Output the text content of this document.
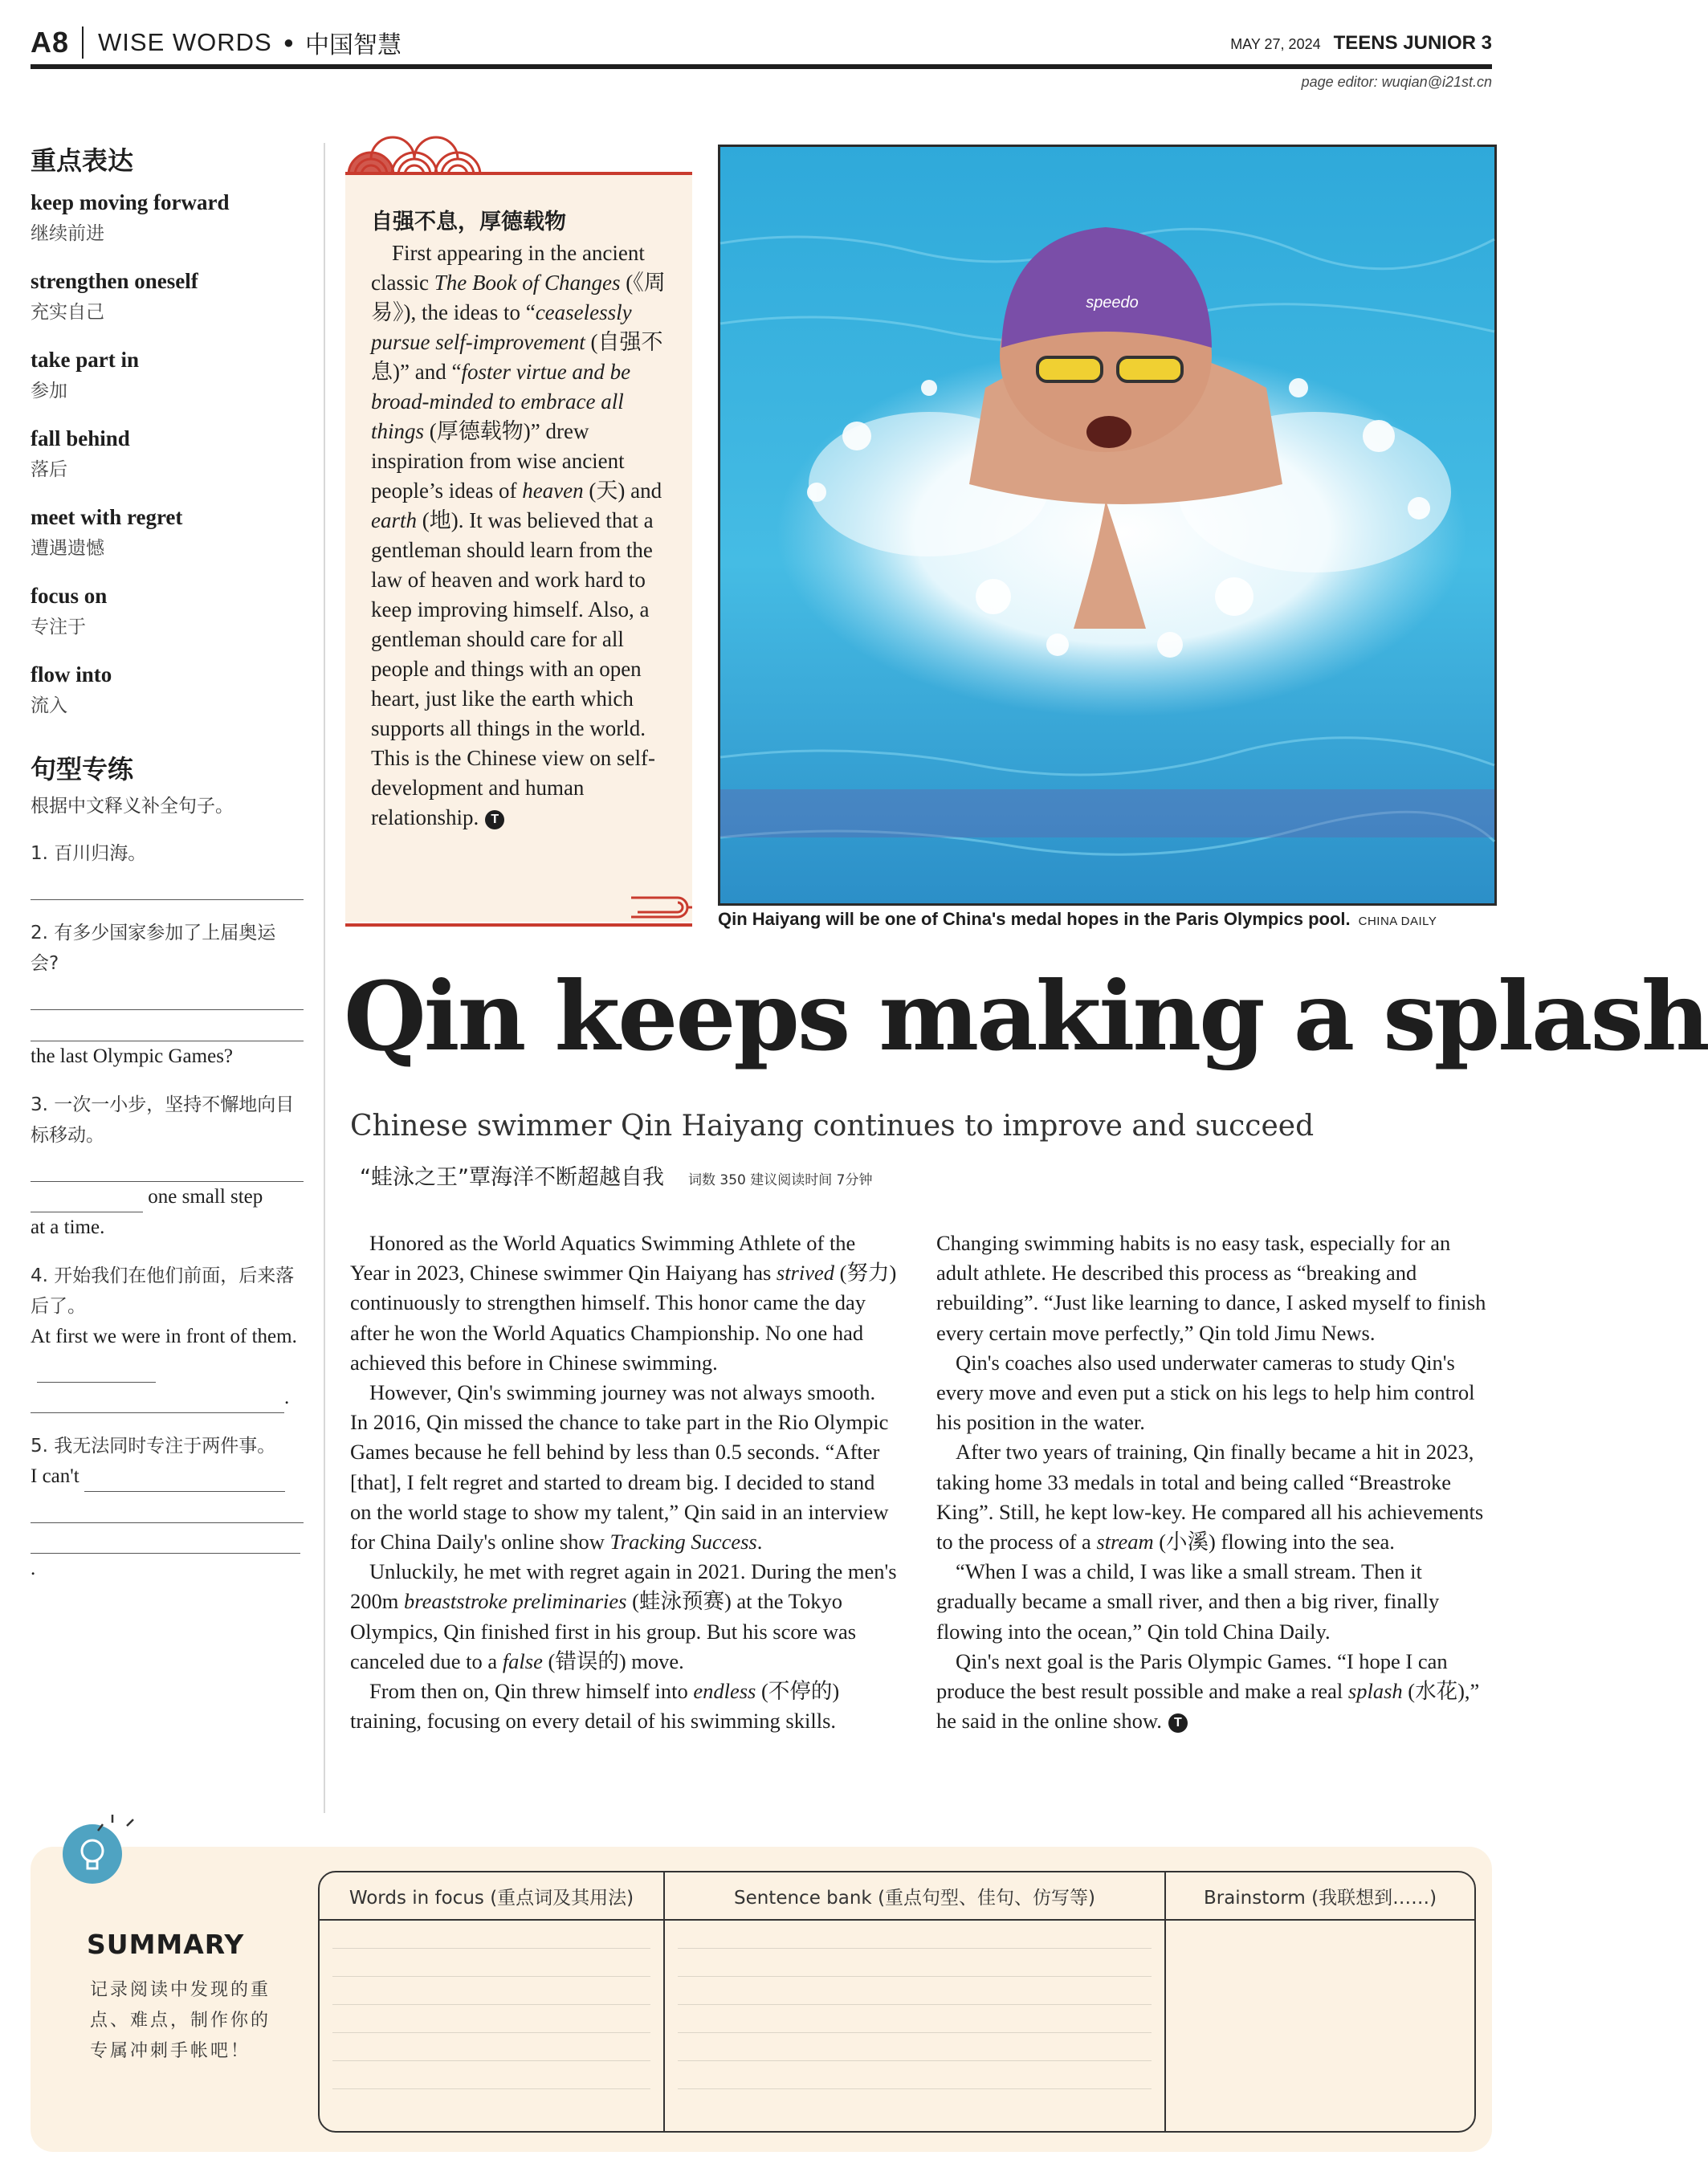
A8 WISE WORDS ● 中国智慧	MAY 27, 2024 TEENS JUNIOR 3
page editor: wuqian@i21st.cn
重点表达
keep moving forward
继续前进
strengthen oneself
充实自己
take part in
参加
fall behind
落后
meet with regret
遭遇遗憾
focus on
专注于
flow into
流入
句型专练
根据中文释义补全句子。
1. 百川归海。
2. 有多少国家参加了上届奥运会?
the last Olympic Games?
3. 一次一小步，坚持不懈地向目标移动。
one small step
at a time.
4. 开始我们在他们前面，后来落后了。
At first we were in front of them.
.
5. 我无法同时专注于两件事。
I can't

.
自强不息，厚德载物
First appearing in the ancient classic The Book of Changes (《周易》), the ideas to “ceaselessly pursue self-improvement (自强不息)” and “foster virtue and be broad-minded to embrace all things (厚德载物)” drew inspiration from wise ancient people’s ideas of heaven (天) and earth (地). It was believed that a gentleman should learn from the law of heaven and work hard to keep improving himself. Also, a gentleman should care for all people and things with an open heart, just like the earth which supports all things in the world. This is the Chinese view on self-development and human relationship. T
speedo
Qin Haiyang will be one of China's medal hopes in the Paris Olympics pool. CHINA DAILY
Qin keeps making a splash
Chinese swimmer Qin Haiyang continues to improve and succeed
“蛙泳之王”覃海洋不断超越自我 词数 350 建议阅读时间 7分钟

Honored as the World Aquatics Swimming Athlete of the Year in 2023, Chinese swimmer Qin Haiyang has strived (努力) continuously to strengthen himself. This honor came the day after he won the World Aquatics Championship. No one had achieved this before in Chinese swimming.

However, Qin's swimming journey was not always smooth. In 2016, Qin missed the chance to take part in the Rio Olympic Games because he fell behind by less than 0.5 seconds. “After [that], I felt regret and started to dream big. I decided to stand on the world stage to show my talent,” Qin said in an interview for China Daily's online show Tracking Success.

Unluckily, he met with regret again in 2021. During the men's 200m breaststroke preliminaries (蛙泳预赛) at the Tokyo Olympics, Qin finished first in his group. But his score was canceled due to a false (错误的) move.

From then on, Qin threw himself into endless (不停的) training, focusing on every detail of his swimming skills.

Changing swimming habits is no easy task, especially for an adult athlete. He described this process as “breaking and rebuilding”. “Just like learning to dance, I asked myself to finish every certain move perfectly,” Qin told Jimu News.

Qin's coaches also used underwater cameras to study Qin's every move and even put a stick on his legs to help him control his position in the water.

After two years of training, Qin finally became a hit in 2023, taking home 33 medals in total and being called “Breastroke King”. Still, he kept low-key. He compared all his achievements to the process of a stream (小溪) flowing into the sea.

“When I was a child, I was like a small stream. Then it gradually became a small river, and then a big river, finally flowing into the ocean,” Qin told China Daily.

Qin's next goal is the Paris Olympic Games. “I hope I can produce the best result possible and make a real splash (水花),” he said in the online show. T

SUMMARY
记录阅读中发现的重点、难点，制作你的专属冲刺手帐吧！
Words in focus (重点词及其用法)	Sentence bank (重点句型、佳句、仿写等)	Brainstorm (我联想到……)
